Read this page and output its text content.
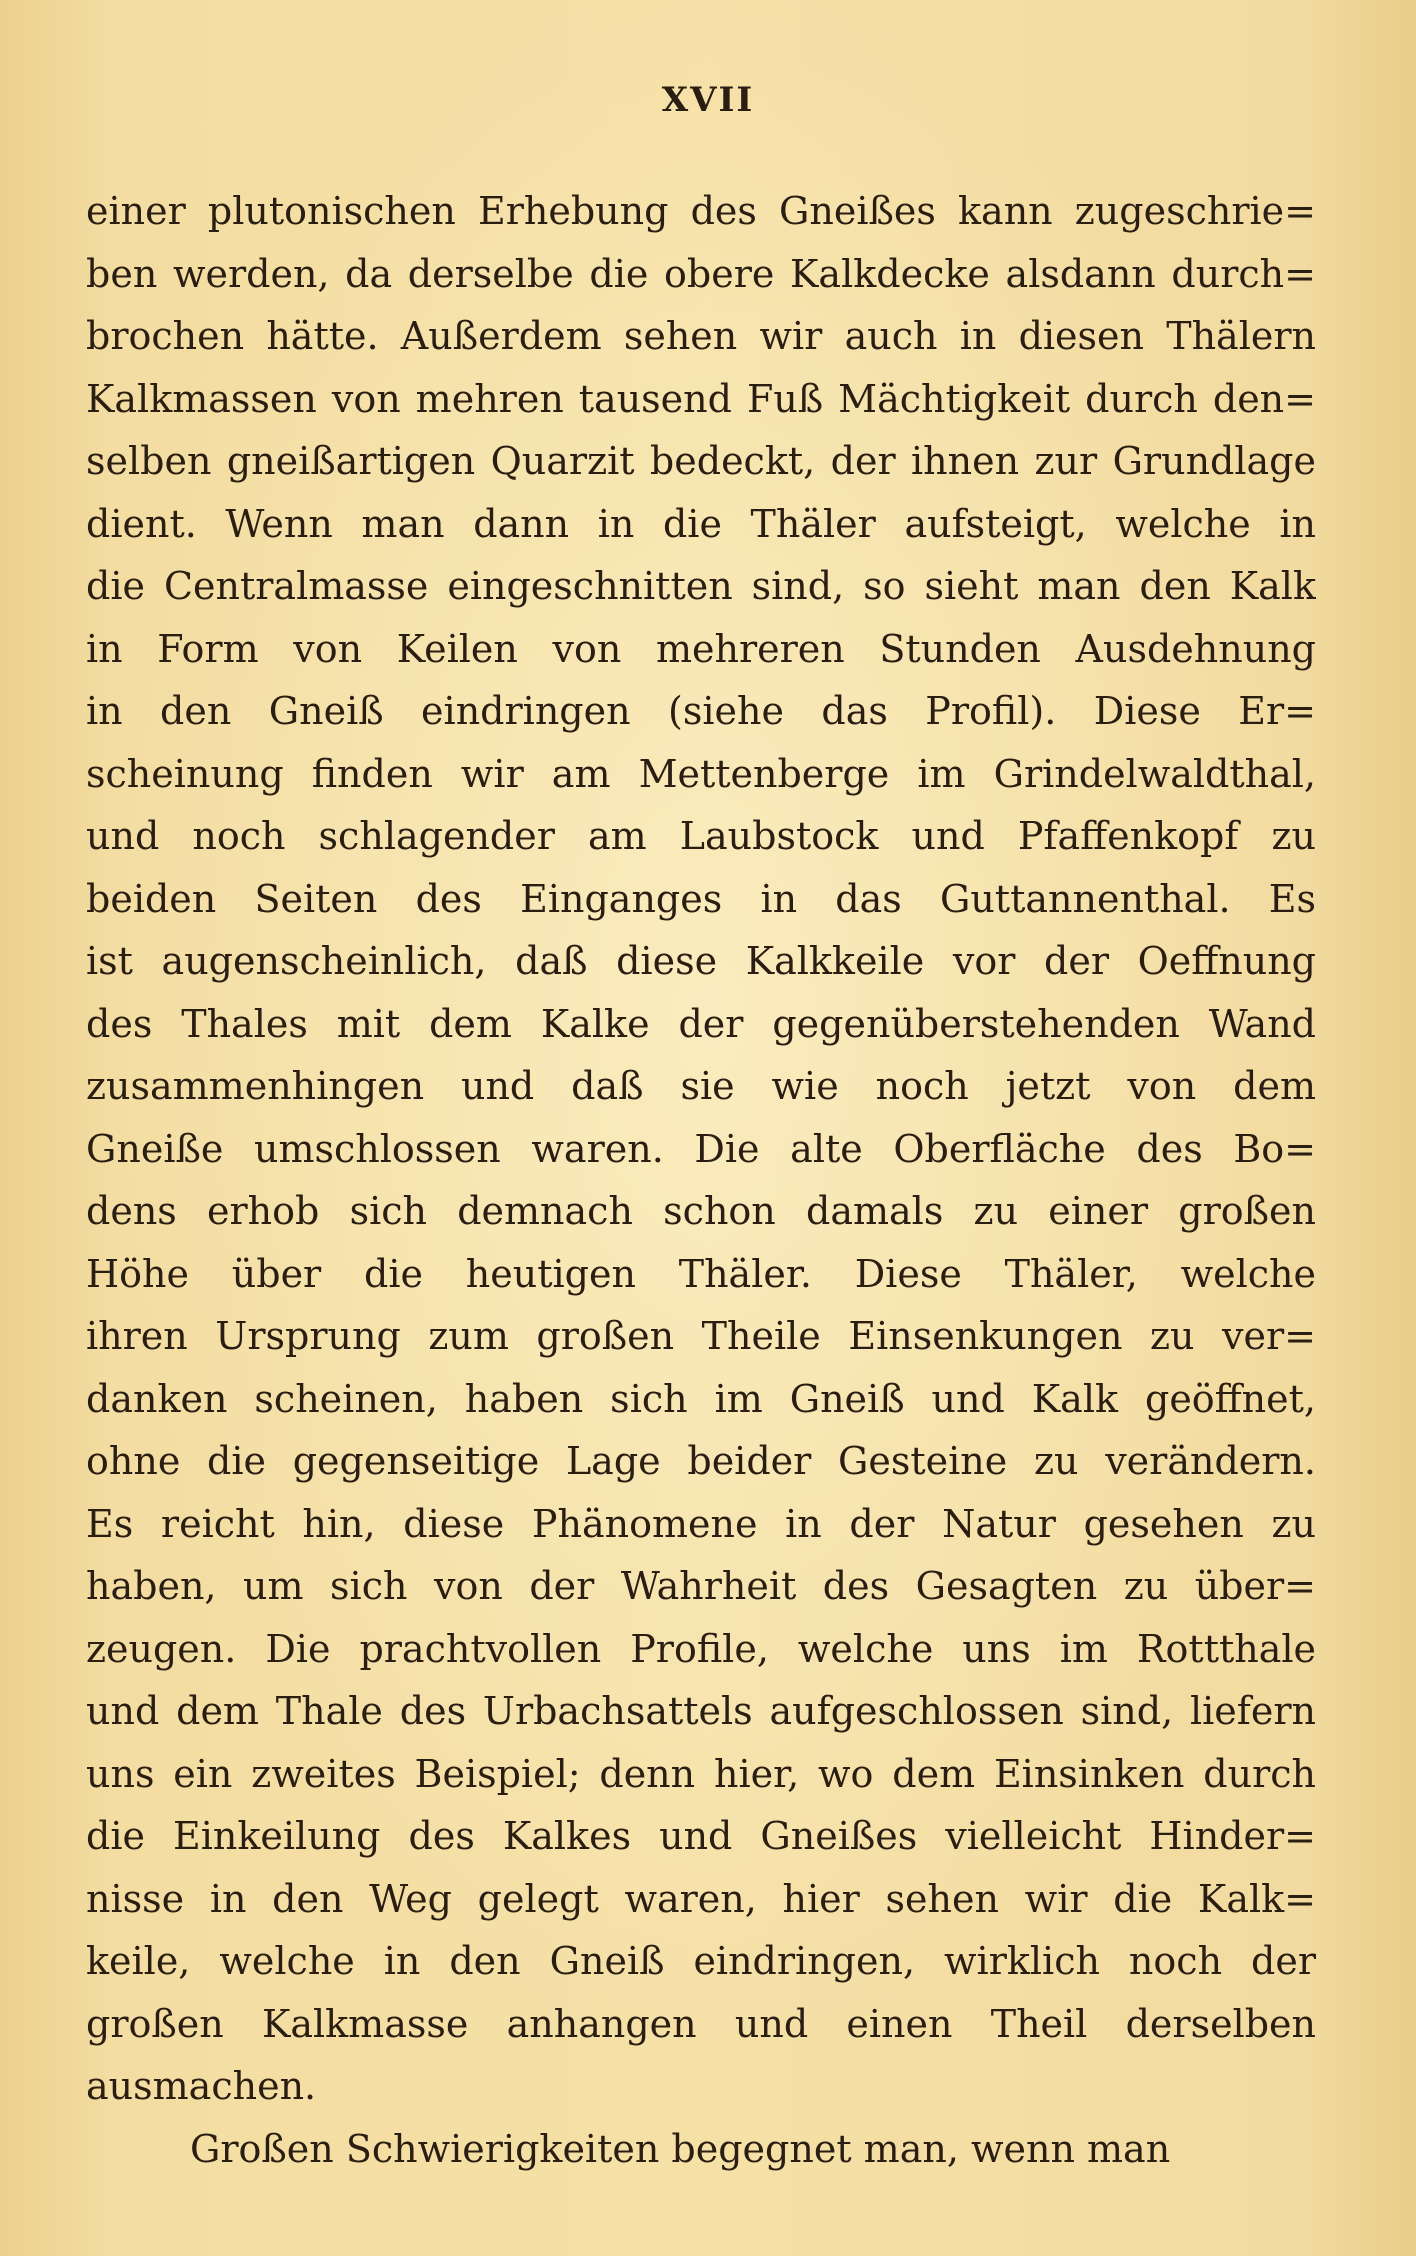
XVII
einer plutonischen Erhebung des Gneißes kann zugeschrie=
ben werden, da derselbe die obere Kalkdecke alsdann durch=
brochen hätte. Außerdem sehen wir auch in diesen Thälern
Kalkmassen von mehren tausend Fuß Mächtigkeit durch den=
selben gneißartigen Quarzit bedeckt, der ihnen zur Grundlage
dient. Wenn man dann in die Thäler aufsteigt, welche in
die Centralmasse eingeschnitten sind, so sieht man den Kalk
in Form von Keilen von mehreren Stunden Ausdehnung
in den Gneiß eindringen (siehe das Profil). Diese Er=
scheinung finden wir am Mettenberge im Grindelwaldthal,
und noch schlagender am Laubstock und Pfaffenkopf zu
beiden Seiten des Einganges in das Guttannenthal. Es
ist augenscheinlich, daß diese Kalkkeile vor der Oeffnung
des Thales mit dem Kalke der gegenüberstehenden Wand
zusammenhingen und daß sie wie noch jetzt von dem
Gneiße umschlossen waren. Die alte Oberfläche des Bo=
dens erhob sich demnach schon damals zu einer großen
Höhe über die heutigen Thäler. Diese Thäler, welche
ihren Ursprung zum großen Theile Einsenkungen zu ver=
danken scheinen, haben sich im Gneiß und Kalk geöffnet,
ohne die gegenseitige Lage beider Gesteine zu verändern.
Es reicht hin, diese Phänomene in der Natur gesehen zu
haben, um sich von der Wahrheit des Gesagten zu über=
zeugen. Die prachtvollen Profile, welche uns im Rottthale
und dem Thale des Urbachsattels aufgeschlossen sind, liefern
uns ein zweites Beispiel; denn hier, wo dem Einsinken durch
die Einkeilung des Kalkes und Gneißes vielleicht Hinder=
nisse in den Weg gelegt waren, hier sehen wir die Kalk=
keile, welche in den Gneiß eindringen, wirklich noch der
großen Kalkmasse anhangen und einen Theil derselben
ausmachen.
Großen Schwierigkeiten begegnet man, wenn man
